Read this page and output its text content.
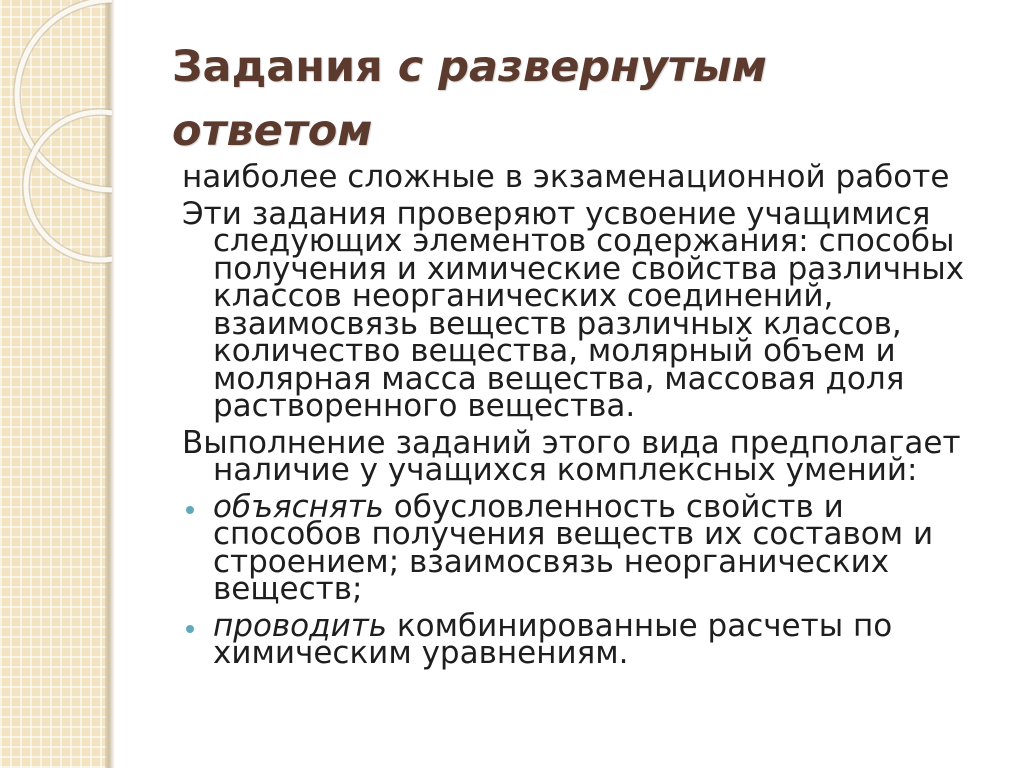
Задания с развернутым
ответом
наиболее сложные в экзаменационной работе
Эти задания проверяют усвоение учащимися
следующих элементов содержания: способы
получения и химические свойства различных
классов неорганических соединений,
взаимосвязь веществ различных классов,
количество вещества, молярный объем и
молярная масса вещества, массовая доля
растворенного вещества.
Выполнение заданий этого вида предполагает
наличие у учащихся комплексных умений:
объяснять обусловленность свойств и
способов получения веществ их составом и
строением; взаимосвязь неорганических
веществ;
проводить комбинированные расчеты по
химическим уравнениям.
